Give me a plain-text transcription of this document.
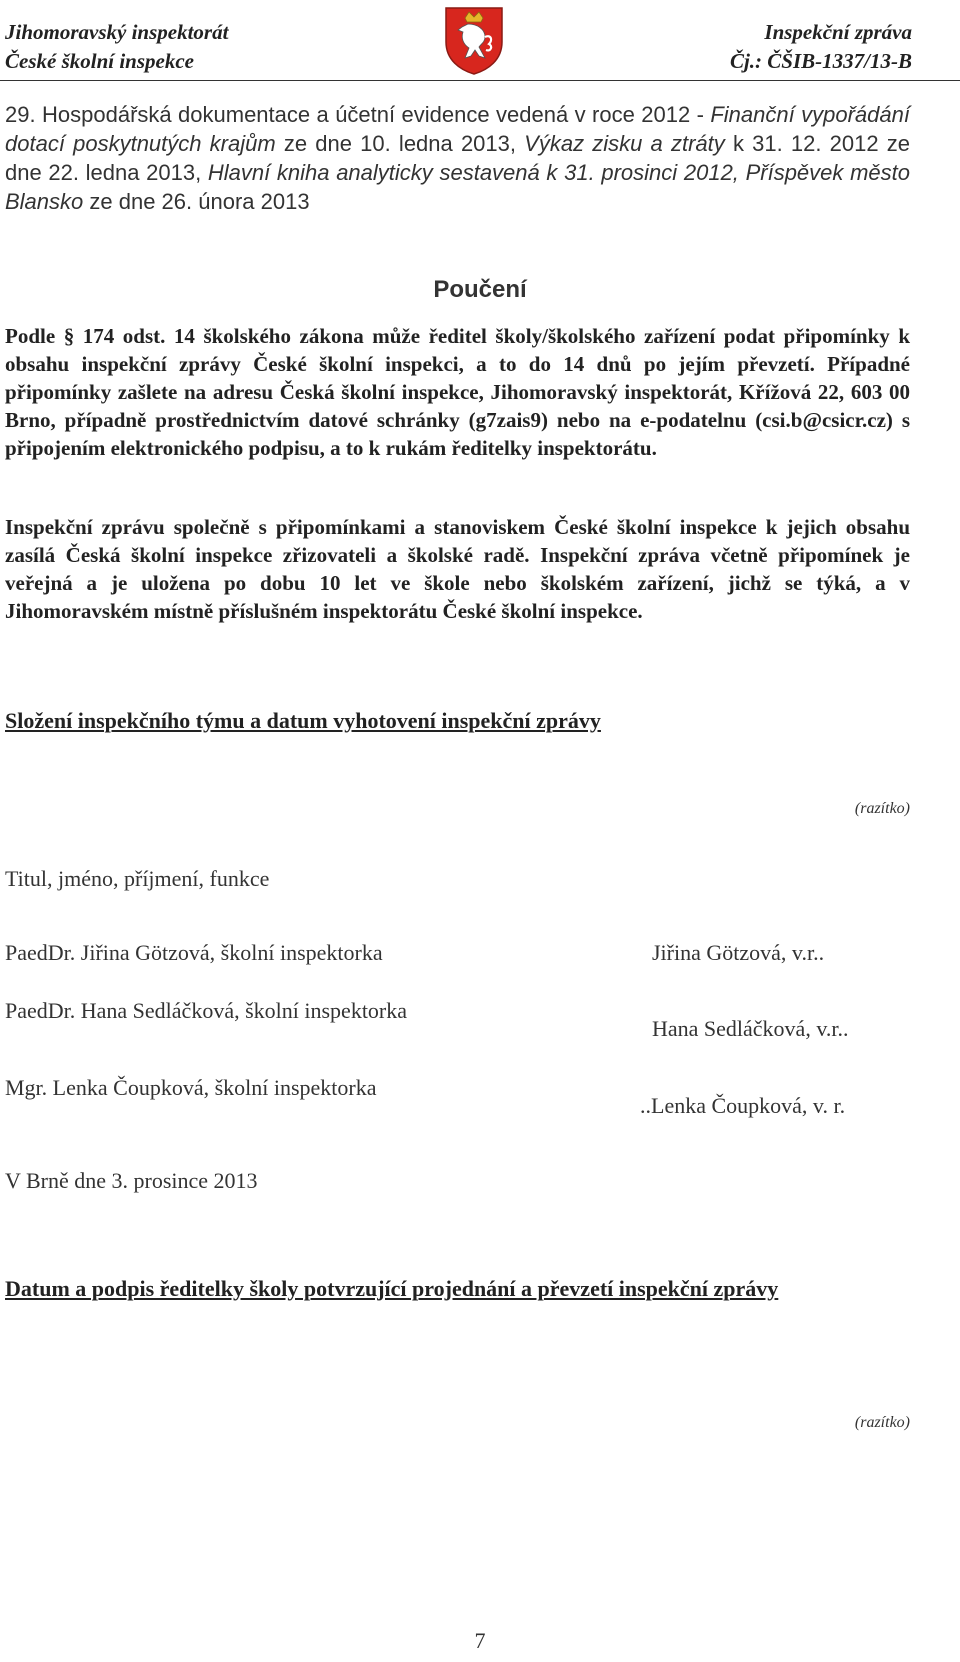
Jihomoravský inspektorát
České školní inspekce
Inspekční zpráva
Čj.: ČŠIB-1337/13-B
29. Hospodářská dokumentace a účetní evidence vedená v roce 2012 - Finanční vypořádání dotací poskytnutých krajům ze dne 10. ledna 2013, Výkaz zisku a ztráty k 31. 12. 2012 ze dne 22. ledna 2013, Hlavní kniha analyticky sestavená k 31. prosinci 2012, Příspěvek město Blansko ze dne 26. února 2013
Poučení
Podle § 174 odst. 14 školského zákona může ředitel školy/školského zařízení podat připomínky k obsahu inspekční zprávy České školní inspekci, a to do 14 dnů po jejím převzetí. Případné připomínky zašlete na adresu Česká školní inspekce, Jihomoravský inspektorát, Křížová 22, 603 00 Brno, případně prostřednictvím datové schránky (g7zais9) nebo na e-podatelnu (csi.b@csicr.cz) s připojením elektronického podpisu, a to k rukám ředitelky inspektorátu.
Inspekční zprávu společně s připomínkami a stanoviskem České školní inspekce k jejich obsahu zasílá Česká školní inspekce zřizovateli a školské radě. Inspekční zpráva včetně připomínek je veřejná a je uložena po dobu 10 let ve škole nebo školském zařízení, jichž se týká, a v Jihomoravském místně příslušném inspektorátu České školní inspekce.
Složení inspekčního týmu a datum vyhotovení inspekční zprávy
(razítko)
Titul, jméno, příjmení, funkce
PaedDr. Jiřina Götzová, školní inspektorka	Jiřina Götzová, v.r..
PaedDr. Hana Sedláčková, školní inspektorka
Hana Sedláčková, v.r..
Mgr. Lenka Čoupková, školní inspektorka
..Lenka Čoupková, v. r.
V Brně dne 3. prosince 2013
Datum a podpis ředitelky školy potvrzující projednání a převzetí inspekční zprávy
(razítko)
7
